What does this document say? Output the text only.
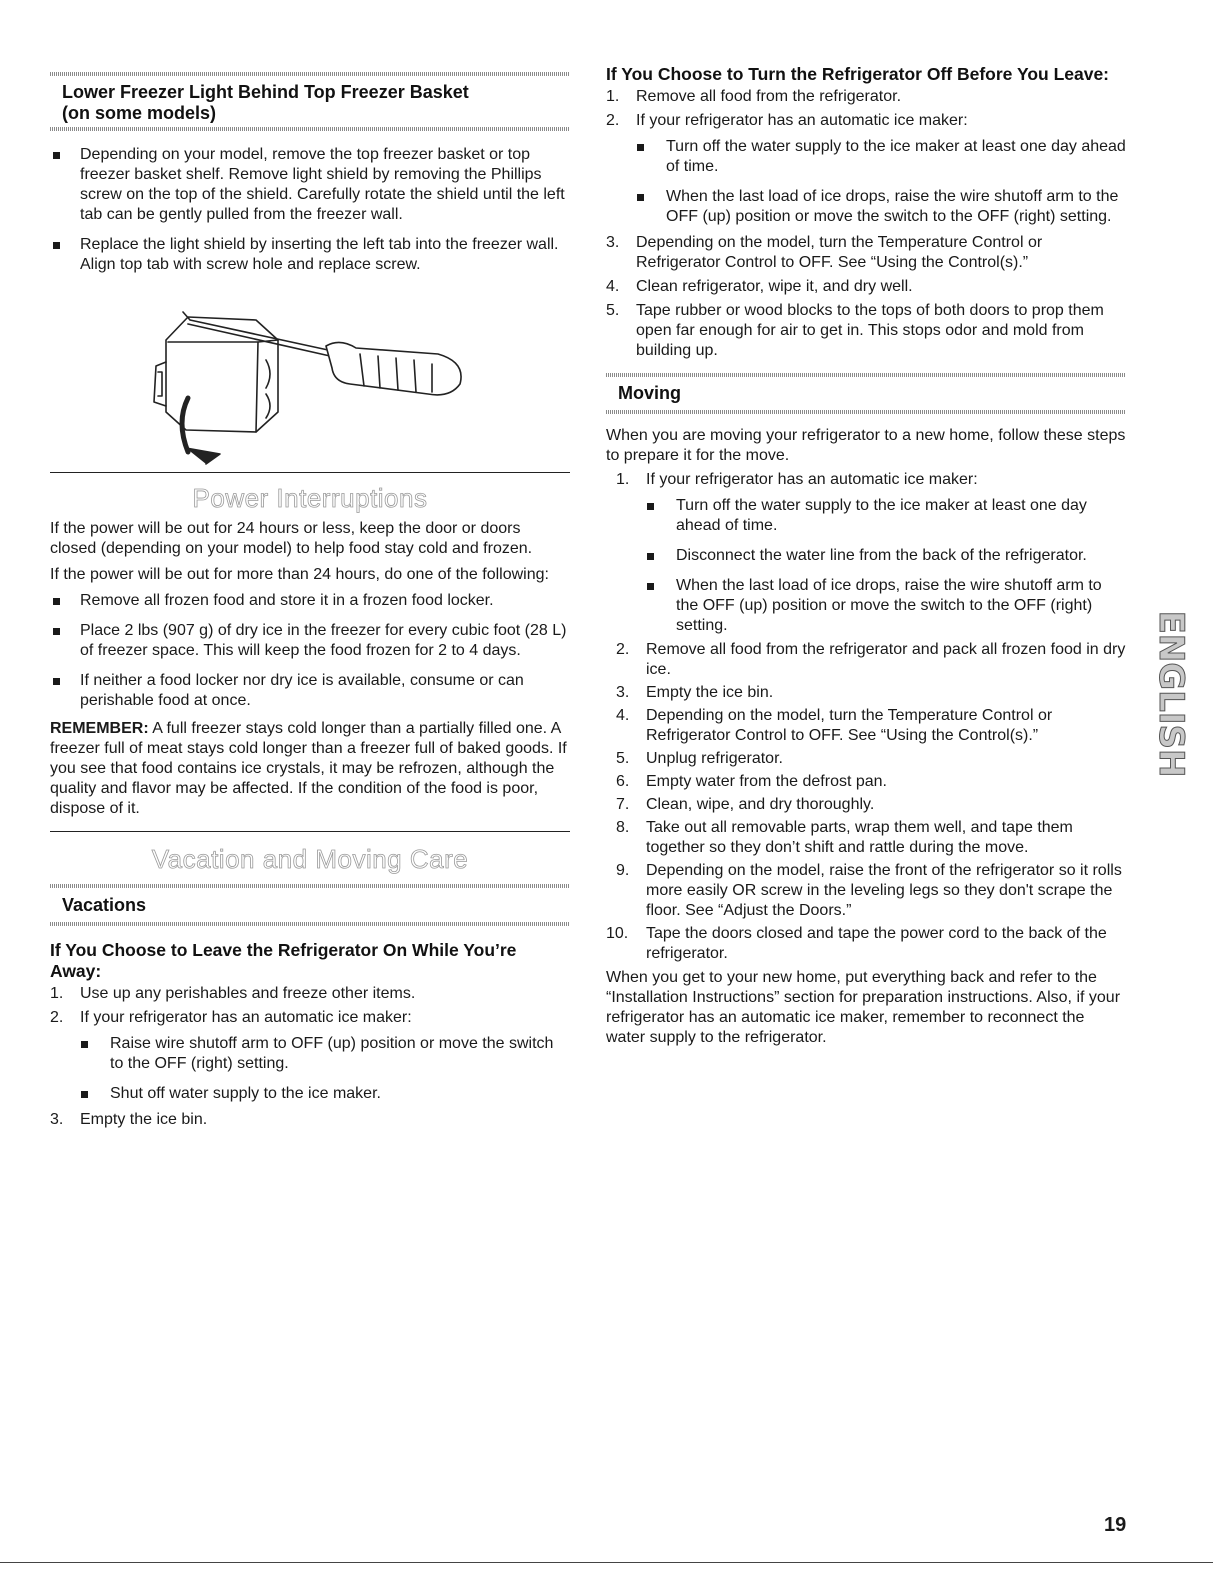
Lower Freezer Light Behind Top Freezer Basket
(on some models)
Depending on your model, remove the top freezer basket or top freezer basket shelf. Remove light shield by removing the Phillips screw on the top of the shield. Carefully rotate the shield until the left tab can be gently pulled from the freezer wall.
Replace the light shield by inserting the left tab into the freezer wall. Align top tab with screw hole and replace screw.
Power Interruptions

If the power will be out for 24 hours or less, keep the door or doors closed (depending on your model) to help food stay cold and frozen.

If the power will be out for more than 24 hours, do one of the following:

Remove all frozen food and store it in a frozen food locker.
Place 2 lbs (907 g) of dry ice in the freezer for every cubic foot (28 L) of freezer space. This will keep the food frozen for 2 to 4 days.
If neither a food locker nor dry ice is available, consume or can perishable food at once.

REMEMBER: A full freezer stays cold longer than a partially filled one. A freezer full of meat stays cold longer than a freezer full of baked goods. If you see that food contains ice crystals, it may be refrozen, although the quality and flavor may be affected. If the condition of the food is poor, dispose of it.

Vacation and Moving Care
Vacations
If You Choose to Leave the Refrigerator On While You’re Away:
1. Use up any perishables and freeze other items.
2. If your refrigerator has an automatic ice maker:
Raise wire shutoff arm to OFF (up) position or move the switch to the OFF (right) setting.
Shut off water supply to the ice maker.
3. Empty the ice bin.
If You Choose to Turn the Refrigerator Off Before You Leave:
1. Remove all food from the refrigerator.
2. If your refrigerator has an automatic ice maker:
Turn off the water supply to the ice maker at least one day ahead of time.
When the last load of ice drops, raise the wire shutoff arm to the OFF (up) position or move the switch to the OFF (right) setting.
3. Depending on the model, turn the Temperature Control or Refrigerator Control to OFF. See “Using the Control(s).”
4. Clean refrigerator, wipe it, and dry well.
5. Tape rubber or wood blocks to the tops of both doors to prop them open far enough for air to get in. This stops odor and mold from building up.
Moving

When you are moving your refrigerator to a new home, follow these steps to prepare it for the move.

1. If your refrigerator has an automatic ice maker:
Turn off the water supply to the ice maker at least one day ahead of time.
Disconnect the water line from the back of the refrigerator.
When the last load of ice drops, raise the wire shutoff arm to the OFF (up) position or move the switch to the OFF (right) setting.
2. Remove all food from the refrigerator and pack all frozen food in dry ice.
3. Empty the ice bin.
4. Depending on the model, turn the Temperature Control or Refrigerator Control to OFF. See “Using the Control(s).”
5. Unplug refrigerator.
6. Empty water from the defrost pan.
7. Clean, wipe, and dry thoroughly.
8. Take out all removable parts, wrap them well, and tape them together so they don’t shift and rattle during the move.
9. Depending on the model, raise the front of the refrigerator so it rolls more easily OR screw in the leveling legs so they don't scrape the floor. See “Adjust the Doors.”
10. Tape the doors closed and tape the power cord to the back of the refrigerator.

When you get to your new home, put everything back and refer to the “Installation Instructions” section for preparation instructions. Also, if your refrigerator has an automatic ice maker, remember to reconnect the water supply to the refrigerator.

ENGLISH
19
